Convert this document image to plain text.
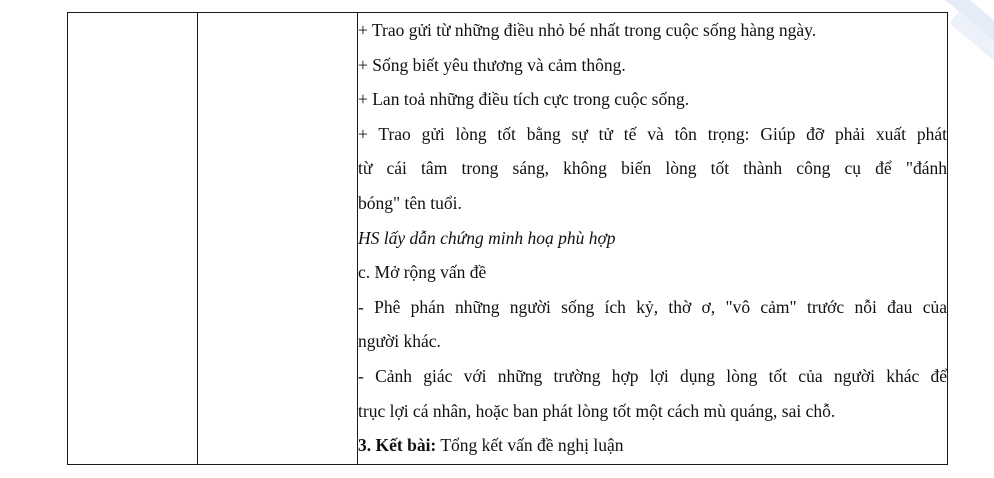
+ Trao gửi từ những điều nhỏ bé nhất trong cuộc sống hàng ngày.
+ Sống biết yêu thương và cảm thông.
+ Lan toả những điều tích cực trong cuộc sống.
+ Trao gửi lòng tốt bằng sự tử tế và tôn trọng: Giúp đỡ phải xuất phát
từ cái tâm trong sáng, không biến lòng tốt thành công cụ để "đánh
bóng" tên tuổi.
HS lấy dẫn chứng minh hoạ phù hợp
c. Mở rộng vấn đề
- Phê phán những người sống ích kỷ, thờ ơ, "vô cảm" trước nỗi đau của
người khác.
- Cảnh giác với những trường hợp lợi dụng lòng tốt của người khác để
trục lợi cá nhân, hoặc ban phát lòng tốt một cách mù quáng, sai chỗ.
3. Kết bài: Tổng kết vấn đề nghị luận
